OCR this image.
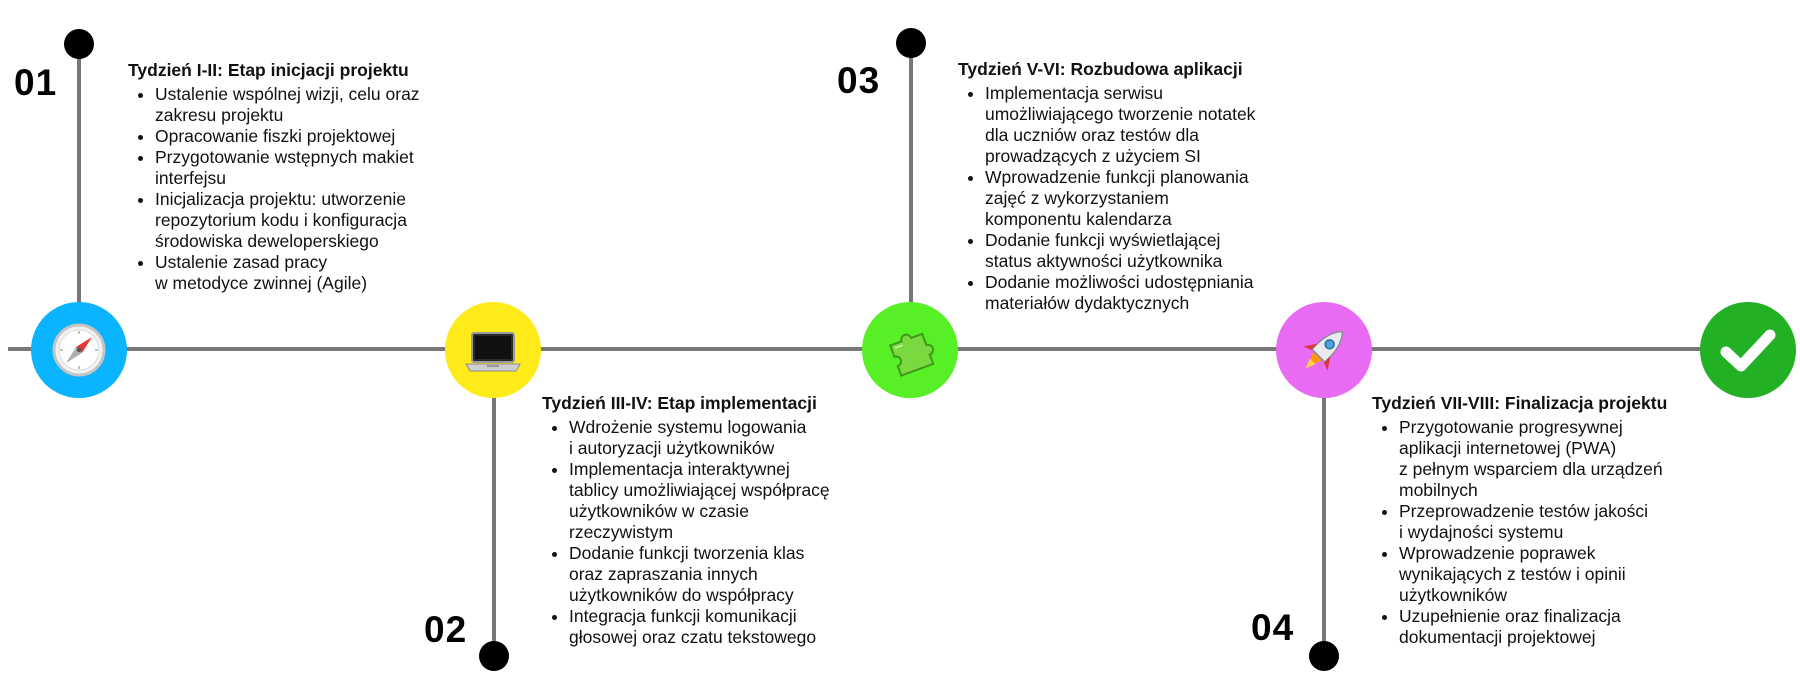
01	Tydzień I-II: Etap inicjacji projektu
• Ustalenie wspólnej wizji, celu oraz
zakresu projektu
• Opracowanie fiszki projektowej
• Przygotowanie wstępnych makiet
interfejsu
• Inicjalizacja projektu: utworzenie
repozytorium kodu i konfiguracja
środowiska deweloperskiego
• Ustalenie zasad pracy
w metodyce zwinnej (Agile)
02
Tydzień III-IV: Etap implementacji
• Wdrożenie systemu logowania
i autoryzacji użytkowników
• Implementacja interaktywnej
tablicy umożliwiającej współpracę
użytkowników w czasie
rzeczywistym
• Dodanie funkcji tworzenia klas
oraz zapraszania innych
użytkowników do współpracy
• Integracja funkcji komunikacji
głosowej oraz czatu tekstowego
03	Tydzień V-VI: Rozbudowa aplikacji
• Implementacja serwisu
umożliwiającego tworzenie notatek
dla uczniów oraz testów dla
prowadzących z użyciem SI
• Wprowadzenie funkcji planowania
zajęć z wykorzystaniem
komponentu kalendarza
• Dodanie funkcji wyświetlającej
status aktywności użytkownika
• Dodanie możliwości udostępniania
materiałów dydaktycznych
04
Tydzień VII-VIII: Finalizacja projektu
• Przygotowanie progresywnej
aplikacji internetowej (PWA)
z pełnym wsparciem dla urządzeń
mobilnych
• Przeprowadzenie testów jakości
i wydajności systemu
• Wprowadzenie poprawek
wynikających z testów i opinii
użytkowników
• Uzupełnienie oraz finalizacja
dokumentacji projektowej
